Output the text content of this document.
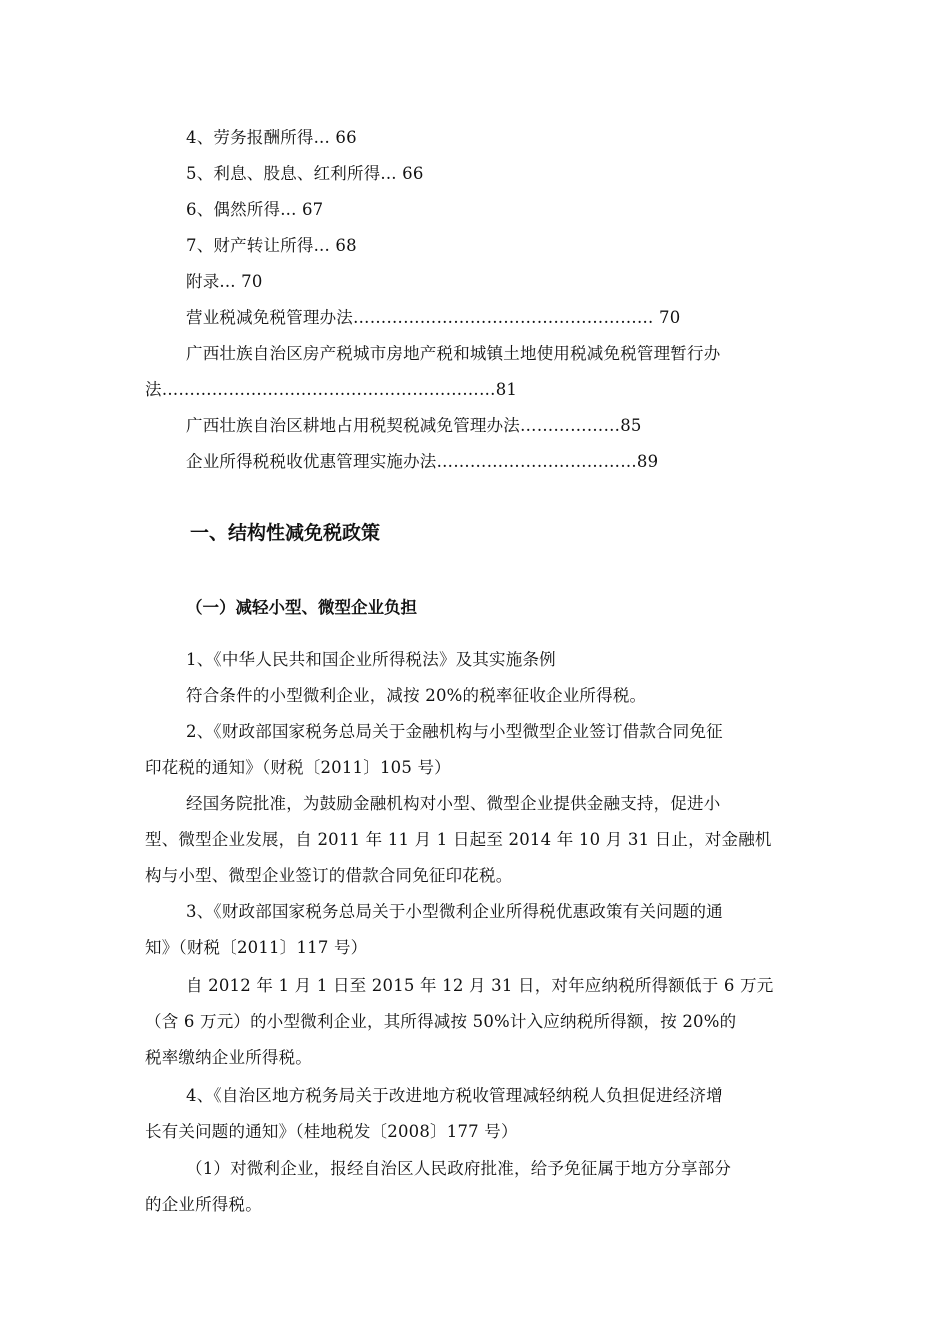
4、劳务报酬所得... 66
5、利息、股息、红利所得... 66
6、偶然所得... 67
7、财产转让所得... 68
附录... 70
营业税减免税管理办法……………………………………………… 70
广西壮族自治区房产税城市房地产税和城镇土地使用税减免税管理暂行办
法……………………………………………………81
广西壮族自治区耕地占用税契税减免管理办法………………85
企业所得税税收优惠管理实施办法………………………………89
一、结构性减免税政策
（一）减轻小型、微型企业负担
1、《中华人民共和国企业所得税法》及其实施条例
符合条件的小型微利企业，减按 20%的税率征收企业所得税。
2、《财政部国家税务总局关于金融机构与小型微型企业签订借款合同免征
印花税的通知》（财税〔2011〕105 号）
经国务院批准，为鼓励金融机构对小型、微型企业提供金融支持，促进小
型、微型企业发展，自 2011 年 11 月 1 日起至 2014 年 10 月 31 日止，对金融机
构与小型、微型企业签订的借款合同免征印花税。
3、《财政部国家税务总局关于小型微利企业所得税优惠政策有关问题的通
知》（财税〔2011〕117 号）
自 2012 年 1 月 1 日至 2015 年 12 月 31 日，对年应纳税所得额低于 6 万元
（含 6 万元）的小型微利企业，其所得减按 50%计入应纳税所得额，按 20%的
税率缴纳企业所得税。
4、《自治区地方税务局关于改进地方税收管理减轻纳税人负担促进经济增
长有关问题的通知》（桂地税发〔2008〕177 号）
（1）对微利企业，报经自治区人民政府批准，给予免征属于地方分享部分
的企业所得税。
